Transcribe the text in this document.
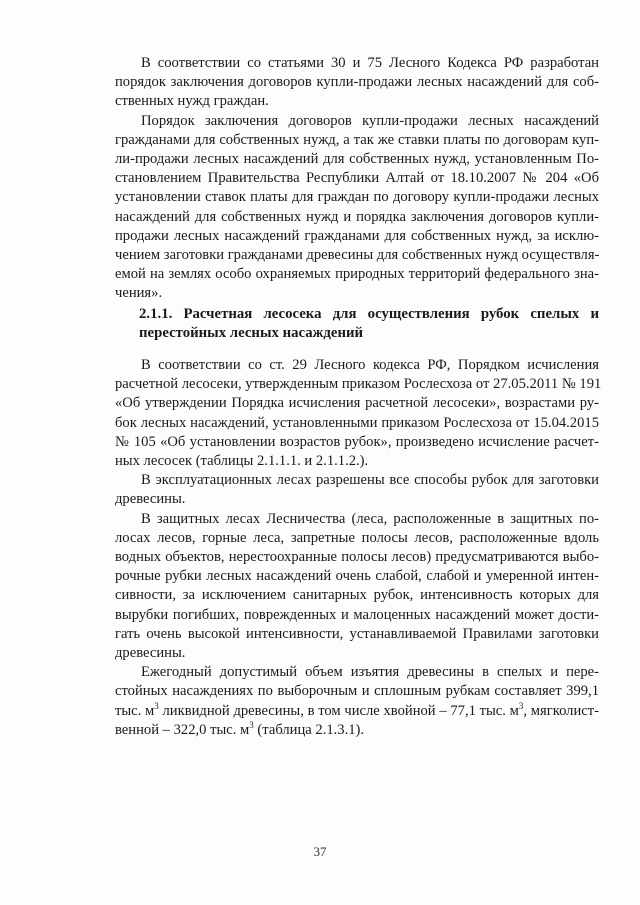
В соответствии со статьями 30 и 75 Лесного Кодекса РФ разработан
порядок заключения договоров купли-продажи лесных насаждений для соб-
ственных нужд граждан.
Порядок заключения договоров купли-продажи лесных насаждений
гражданами для собственных нужд, а так же ставки платы по договорам куп-
ли-продажи лесных насаждений для собственных нужд, установленным По-
становлением Правительства Республики Алтай от 18.10.2007 № 204 «Об
установлении ставок платы для граждан по договору купли-продажи лесных
насаждений для собственных нужд и порядка заключения договоров купли-
продажи лесных насаждений гражданами для собственных нужд, за исклю-
чением заготовки гражданами древесины для собственных нужд осуществля-
емой на землях особо охраняемых природных территорий федерального зна-
чения».
2.1.1. Расчетная лесосека для осуществления рубок спелых и
перестойных лесных насаждений
В соответствии со ст. 29 Лесного кодекса РФ, Порядком исчисления
расчетной лесосеки, утвержденным приказом Рослесхоза от 27.05.2011 № 191
«Об утверждении Порядка исчисления расчетной лесосеки», возрастами ру-
бок лесных насаждений, установленными приказом Рослесхоза от 15.04.2015
№ 105 «Об установлении возрастов рубок», произведено исчисление расчет-
ных лесосек (таблицы 2.1.1.1. и 2.1.1.2.).
В эксплуатационных лесах разрешены все способы рубок для заготовки
древесины.
В защитных лесах Лесничества (леса, расположенные в защитных по-
лосах лесов, горные леса, запретные полосы лесов, расположенные вдоль
водных объектов, нерестоохранные полосы лесов) предусматриваются выбо-
рочные рубки лесных насаждений очень слабой, слабой и умеренной интен-
сивности, за исключением санитарных рубок, интенсивность которых для
вырубки погибших, поврежденных и малоценных насаждений может дости-
гать очень высокой интенсивности, устанавливаемой Правилами заготовки
древесины.
Ежегодный допустимый объем изъятия древесины в спелых и пере-
стойных насаждениях по выборочным и сплошным рубкам составляет 399,1
тыс. $м^3$ ликвидной древесины, в том числе хвойной – 77,1 тыс. $м^3$, мягколист-
венной – 322,0 тыс. $м^3$ (таблица 2.1.3.1).
37
